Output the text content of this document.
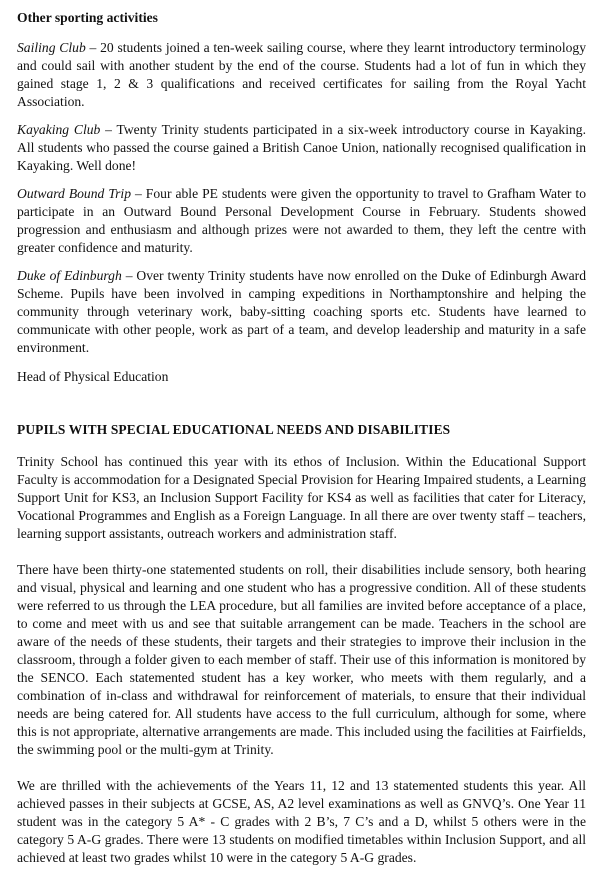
Other sporting activities

Sailing Club – 20 students joined a ten-week sailing course, where they learnt introductory terminology and could sail with another student by the end of the course. Students had a lot of fun in which they gained stage 1, 2 & 3 qualifications and received certificates for sailing from the Royal Yacht Association.

Kayaking Club – Twenty Trinity students participated in a six-week introductory course in Kayaking. All students who passed the course gained a British Canoe Union, nationally recognised qualification in Kayaking. Well done!

Outward Bound Trip – Four able PE students were given the opportunity to travel to Grafham Water to participate in an Outward Bound Personal Development Course in February. Students showed progression and enthusiasm and although prizes were not awarded to them, they left the centre with greater confidence and maturity.

Duke of Edinburgh – Over twenty Trinity students have now enrolled on the Duke of Edinburgh Award Scheme. Pupils have been involved in camping expeditions in Northamptonshire and helping the community through veterinary work, baby-sitting coaching sports etc. Students have learned to communicate with other people, work as part of a team, and develop leadership and maturity in a safe environment.

Head of Physical Education

PUPILS WITH SPECIAL EDUCATIONAL NEEDS AND DISABILITIES

Trinity School has continued this year with its ethos of Inclusion. Within the Educational Support Faculty is accommodation for a Designated Special Provision for Hearing Impaired students, a Learning Support Unit for KS3, an Inclusion Support Facility for KS4 as well as facilities that cater for Literacy, Vocational Programmes and English as a Foreign Language. In all there are over twenty staff – teachers, learning support assistants, outreach workers and administration staff.

There have been thirty-one statemented students on roll, their disabilities include sensory, both hearing and visual, physical and learning and one student who has a progressive condition. All of these students were referred to us through the LEA procedure, but all families are invited before acceptance of a place, to come and meet with us and see that suitable arrangement can be made. Teachers in the school are aware of the needs of these students, their targets and their strategies to improve their inclusion in the classroom, through a folder given to each member of staff. Their use of this information is monitored by the SENCO. Each statemented student has a key worker, who meets with them regularly, and a combination of in-class and withdrawal for reinforcement of materials, to ensure that their individual needs are being catered for. All students have access to the full curriculum, although for some, where this is not appropriate, alternative arrangements are made. This included using the facilities at Fairfields, the swimming pool or the multi-gym at Trinity.

We are thrilled with the achievements of the Years 11, 12 and 13 statemented students this year. All achieved passes in their subjects at GCSE, AS, A2 level examinations as well as GNVQ’s. One Year 11 student was in the category 5 A* - C grades with 2 B’s, 7 C’s and a D, whilst 5 others were in the category 5 A-G grades. There were 13 students on modified timetables within Inclusion Support, and all achieved at least two grades whilst 10 were in the category 5 A-G grades.
